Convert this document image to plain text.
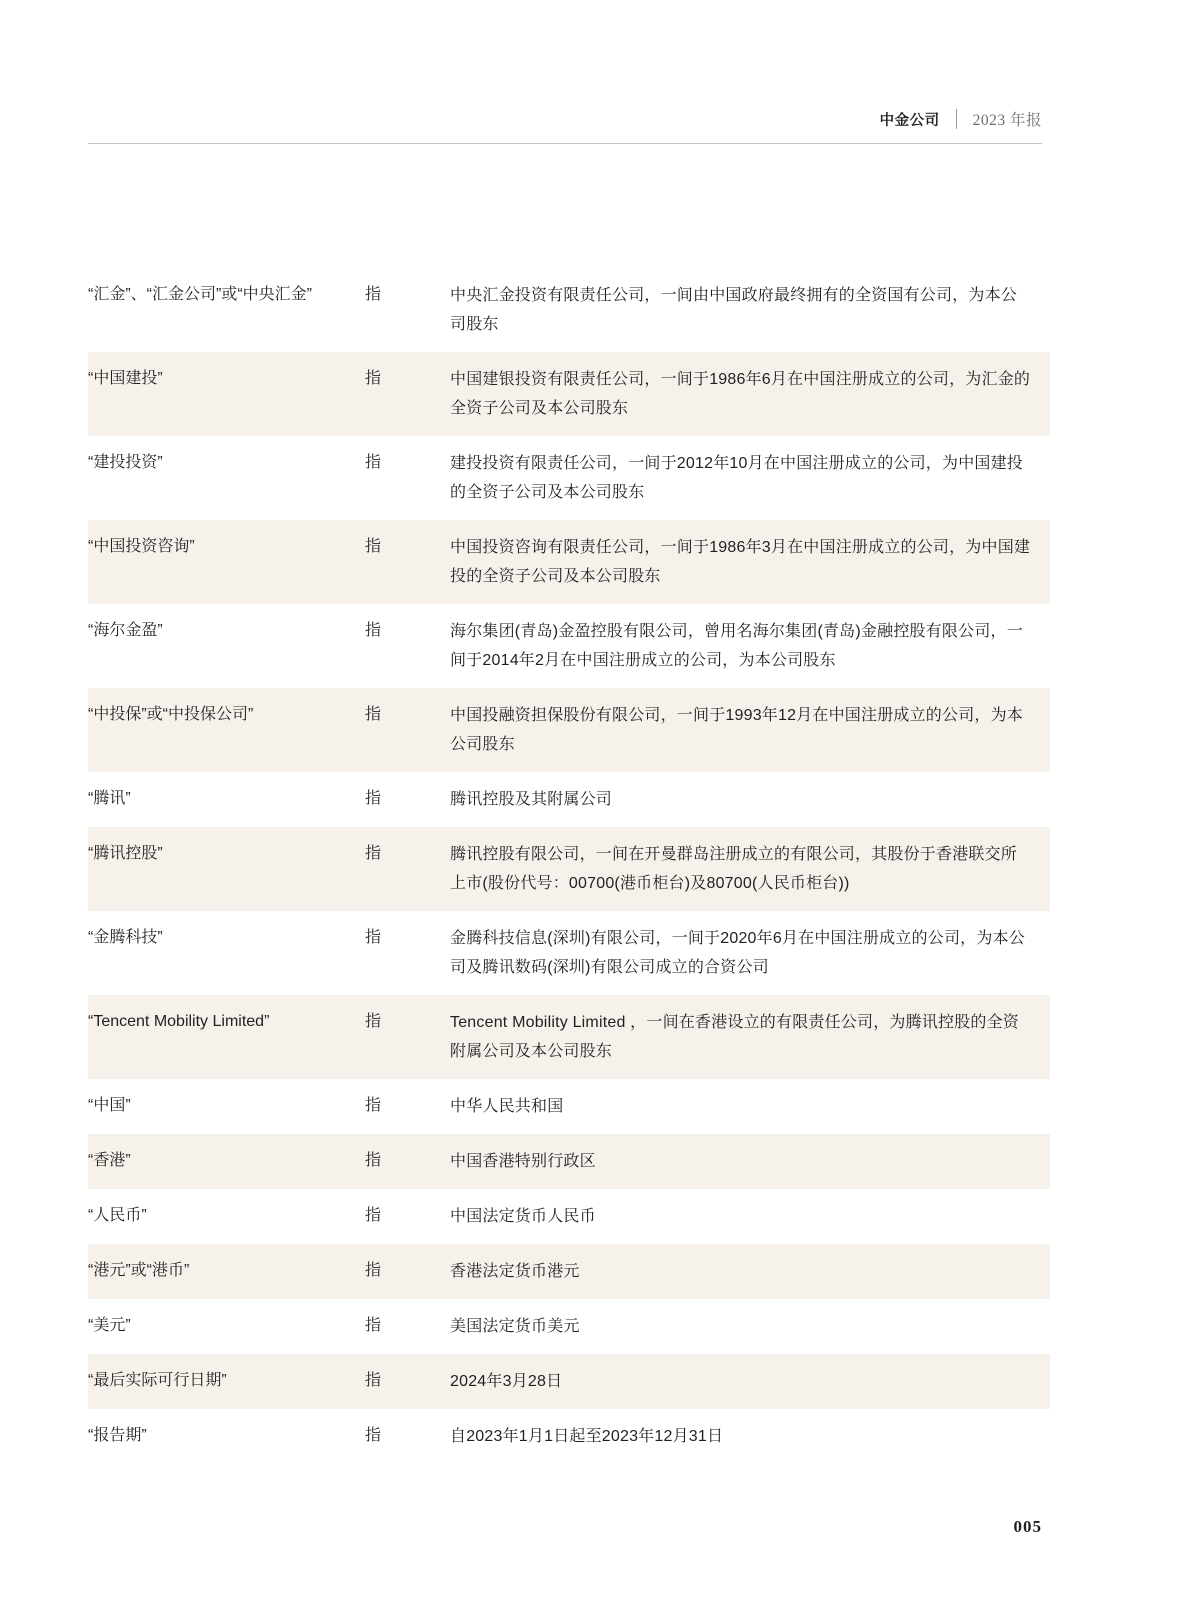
中金公司	2023 年报
“汇金”、“汇金公司”或“中央汇金”	指	中央汇金投资有限责任公司，一间由中国政府最终拥有的全资国有公司，为本公司股东
“中国建投”	指	中国建银投资有限责任公司，一间于1986年6月在中国注册成立的公司，为汇金的全资子公司及本公司股东
“建投投资”	指	建投投资有限责任公司，一间于2012年10月在中国注册成立的公司，为中国建投的全资子公司及本公司股东
“中国投资咨询”	指	中国投资咨询有限责任公司，一间于1986年3月在中国注册成立的公司，为中国建投的全资子公司及本公司股东
“海尔金盈”	指	海尔集团(青岛)金盈控股有限公司，曾用名海尔集团(青岛)金融控股有限公司，一间于2014年2月在中国注册成立的公司，为本公司股东
“中投保”或“中投保公司”	指	中国投融资担保股份有限公司，一间于1993年12月在中国注册成立的公司，为本公司股东
“腾讯”	指	腾讯控股及其附属公司
“腾讯控股”	指	腾讯控股有限公司，一间在开曼群岛注册成立的有限公司，其股份于香港联交所上市(股份代号：00700(港币柜台)及80700(人民币柜台))
“金腾科技”	指	金腾科技信息(深圳)有限公司，一间于2020年6月在中国注册成立的公司，为本公司及腾讯数码(深圳)有限公司成立的合资公司
“Tencent Mobility Limited”	指	Tencent Mobility Limited ，一间在香港设立的有限责任公司，为腾讯控股的全资附属公司及本公司股东
“中国”	指	中华人民共和国
“香港”	指	中国香港特别行政区
“人民币”	指	中国法定货币人民币
“港元”或“港币”	指	香港法定货币港元
“美元”	指	美国法定货币美元
“最后实际可行日期”	指	2024年3月28日
“报告期”	指	自2023年1月1日起至2023年12月31日
005
